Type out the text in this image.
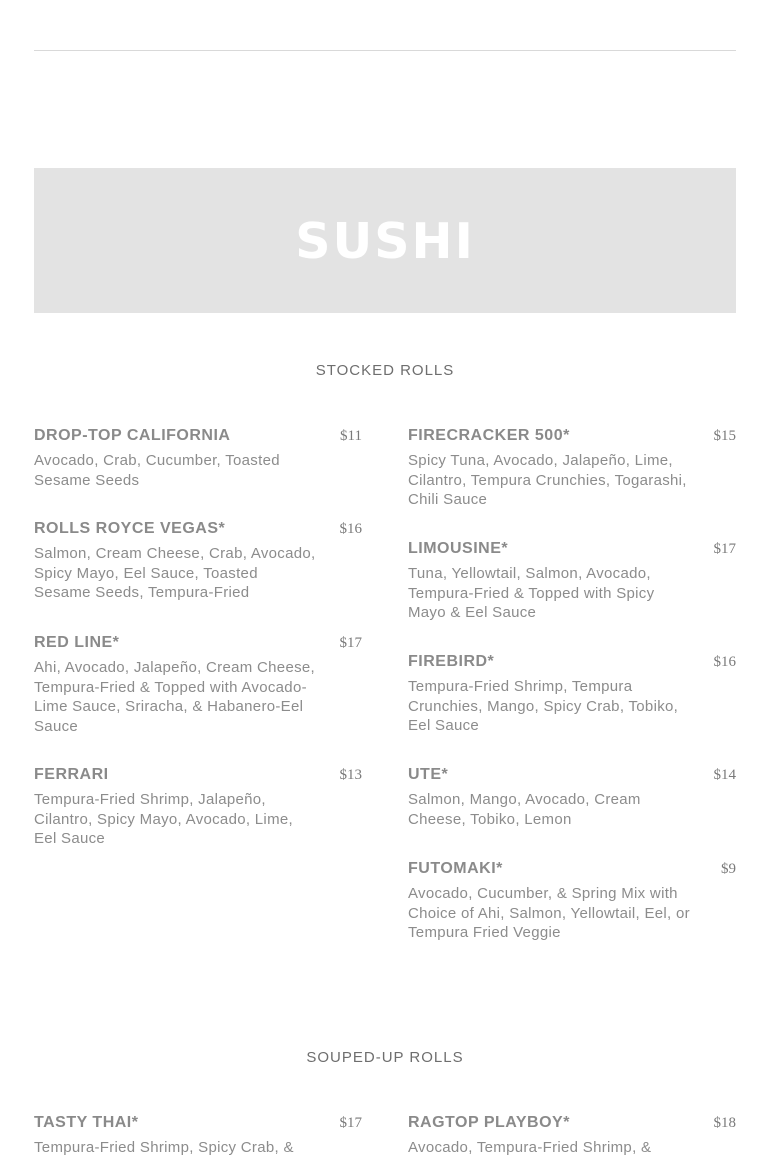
SUSHI
STOCKED ROLLS
DROP-TOP CALIFORNIA	$11
Avocado, Crab, Cucumber, Toasted Sesame Seeds
ROLLS ROYCE VEGAS*	$16
Salmon, Cream Cheese, Crab, Avocado, Spicy Mayo, Eel Sauce, Toasted Sesame Seeds, Tempura-Fried
RED LINE*	$17
Ahi, Avocado, Jalapeño, Cream Cheese, Tempura-Fried & Topped with Avocado-Lime Sauce, Sriracha, & Habanero-Eel Sauce
FERRARI	$13
Tempura-Fried Shrimp, Jalapeño, Cilantro, Spicy Mayo, Avocado, Lime, Eel Sauce
FIRECRACKER 500*	$15
Spicy Tuna, Avocado, Jalapeño, Lime, Cilantro, Tempura Crunchies, Togarashi, Chili Sauce
LIMOUSINE*	$17
Tuna, Yellowtail, Salmon, Avocado, Tempura-Fried & Topped with Spicy Mayo & Eel Sauce
FIREBIRD*	$16
Tempura-Fried Shrimp, Tempura Crunchies, Mango, Spicy Crab, Tobiko, Eel Sauce
UTE*	$14
Salmon, Mango, Avocado, Cream Cheese, Tobiko, Lemon
FUTOMAKI*	$9
Avocado, Cucumber, & Spring Mix with Choice of Ahi, Salmon, Yellowtail, Eel, or Tempura Fried Veggie
SOUPED-UP ROLLS
TASTY THAI*	$17
Tempura-Fried Shrimp, Spicy Crab, &
RAGTOP PLAYBOY*	$18
Avocado, Tempura-Fried Shrimp, &
